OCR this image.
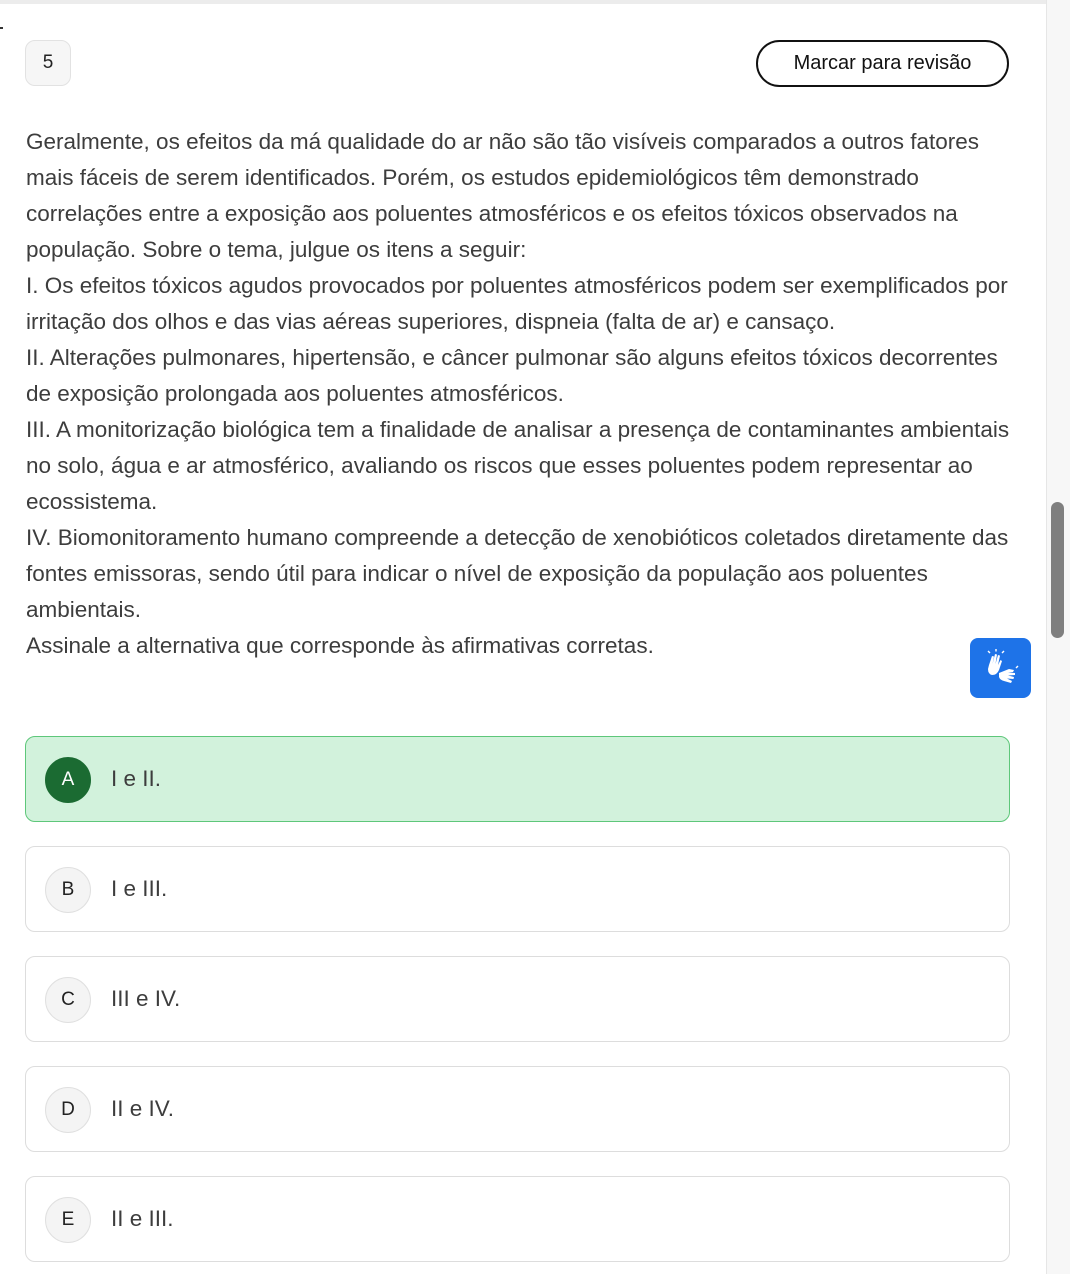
5	Marcar para revisão

Geralmente, os efeitos da má qualidade do ar não são tão visíveis comparados a outros fatores mais fáceis de serem identificados. Porém, os estudos epidemiológicos têm demonstrado correlações entre a exposição aos poluentes atmosféricos e os efeitos tóxicos observados na população. Sobre o tema, julgue os itens a seguir:

I. Os efeitos tóxicos agudos provocados por poluentes atmosféricos podem ser exemplificados por irritação dos olhos e das vias aéreas superiores, dispneia (falta de ar) e cansaço.

II. Alterações pulmonares, hipertensão, e câncer pulmonar são alguns efeitos tóxicos decorrentes de exposição prolongada aos poluentes atmosféricos.

III. A monitorização biológica tem a finalidade de analisar a presença de contaminantes ambientais no solo, água e ar atmosférico, avaliando os riscos que esses poluentes podem representar ao ecossistema.

IV. Biomonitoramento humano compreende a detecção de xenobióticos coletados diretamente das fontes emissoras, sendo útil para indicar o nível de exposição da população aos poluentes ambientais.

Assinale a alternativa que corresponde às afirmativas corretas.

A	I e II.
B	I e III.
C	III e IV.
D	II e IV.
E	II e III.
